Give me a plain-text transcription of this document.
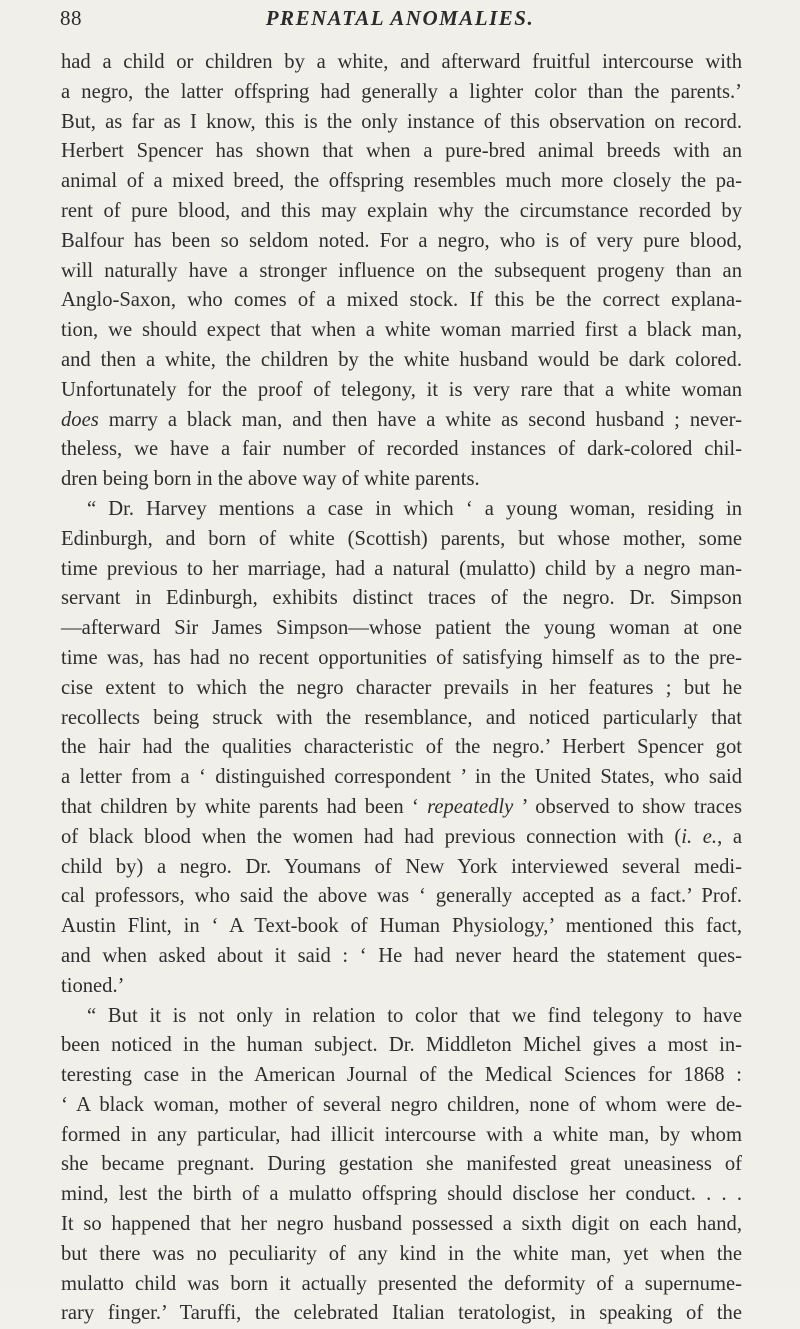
88	PRENATAL ANOMALIES.
had a child or children by a white, and afterward fruitful intercourse with
a negro, the latter offspring had generally a lighter color than the parents.’
But, as far as I know, this is the only instance of this observation on record.
Herbert Spencer has shown that when a pure-bred animal breeds with an
animal of a mixed breed, the offspring resembles much more closely the pa-
rent of pure blood, and this may explain why the circumstance recorded by
Balfour has been so seldom noted. For a negro, who is of very pure blood,
will naturally have a stronger influence on the subsequent progeny than an
Anglo-Saxon, who comes of a mixed stock. If this be the correct explana-
tion, we should expect that when a white woman married first a black man,
and then a white, the children by the white husband would be dark colored.
Unfortunately for the proof of telegony, it is very rare that a white woman
does marry a black man, and then have a white as second husband ; never-
theless, we have a fair number of recorded instances of dark-colored chil-
dren being born in the above way of white parents.
“ Dr. Harvey mentions a case in which ‘ a young woman, residing in
Edinburgh, and born of white (Scottish) parents, but whose mother, some
time previous to her marriage, had a natural (mulatto) child by a negro man-
servant in Edinburgh, exhibits distinct traces of the negro. Dr. Simpson
—afterward Sir James Simpson—whose patient the young woman at one
time was, has had no recent opportunities of satisfying himself as to the pre-
cise extent to which the negro character prevails in her features ; but he
recollects being struck with the resemblance, and noticed particularly that
the hair had the qualities characteristic of the negro.’ Herbert Spencer got
a letter from a ‘ distinguished correspondent ’ in the United States, who said
that children by white parents had been ‘ repeatedly ’ observed to show traces
of black blood when the women had had previous connection with (i. e., a
child by) a negro. Dr. Youmans of New York interviewed several medi-
cal professors, who said the above was ‘ generally accepted as a fact.’ Prof.
Austin Flint, in ‘ A Text-book of Human Physiology,’ mentioned this fact,
and when asked about it said : ‘ He had never heard the statement ques-
tioned.’
“ But it is not only in relation to color that we find telegony to have
been noticed in the human subject. Dr. Middleton Michel gives a most in-
teresting case in the American Journal of the Medical Sciences for 1868 :
‘ A black woman, mother of several negro children, none of whom were de-
formed in any particular, had illicit intercourse with a white man, by whom
she became pregnant. During gestation she manifested great uneasiness of
mind, lest the birth of a mulatto offspring should disclose her conduct. . . .
It so happened that her negro husband possessed a sixth digit on each hand,
but there was no peculiarity of any kind in the white man, yet when the
mulatto child was born it actually presented the deformity of a supernume-
rary finger.’ Taruffi, the celebrated Italian teratologist, in speaking of the
